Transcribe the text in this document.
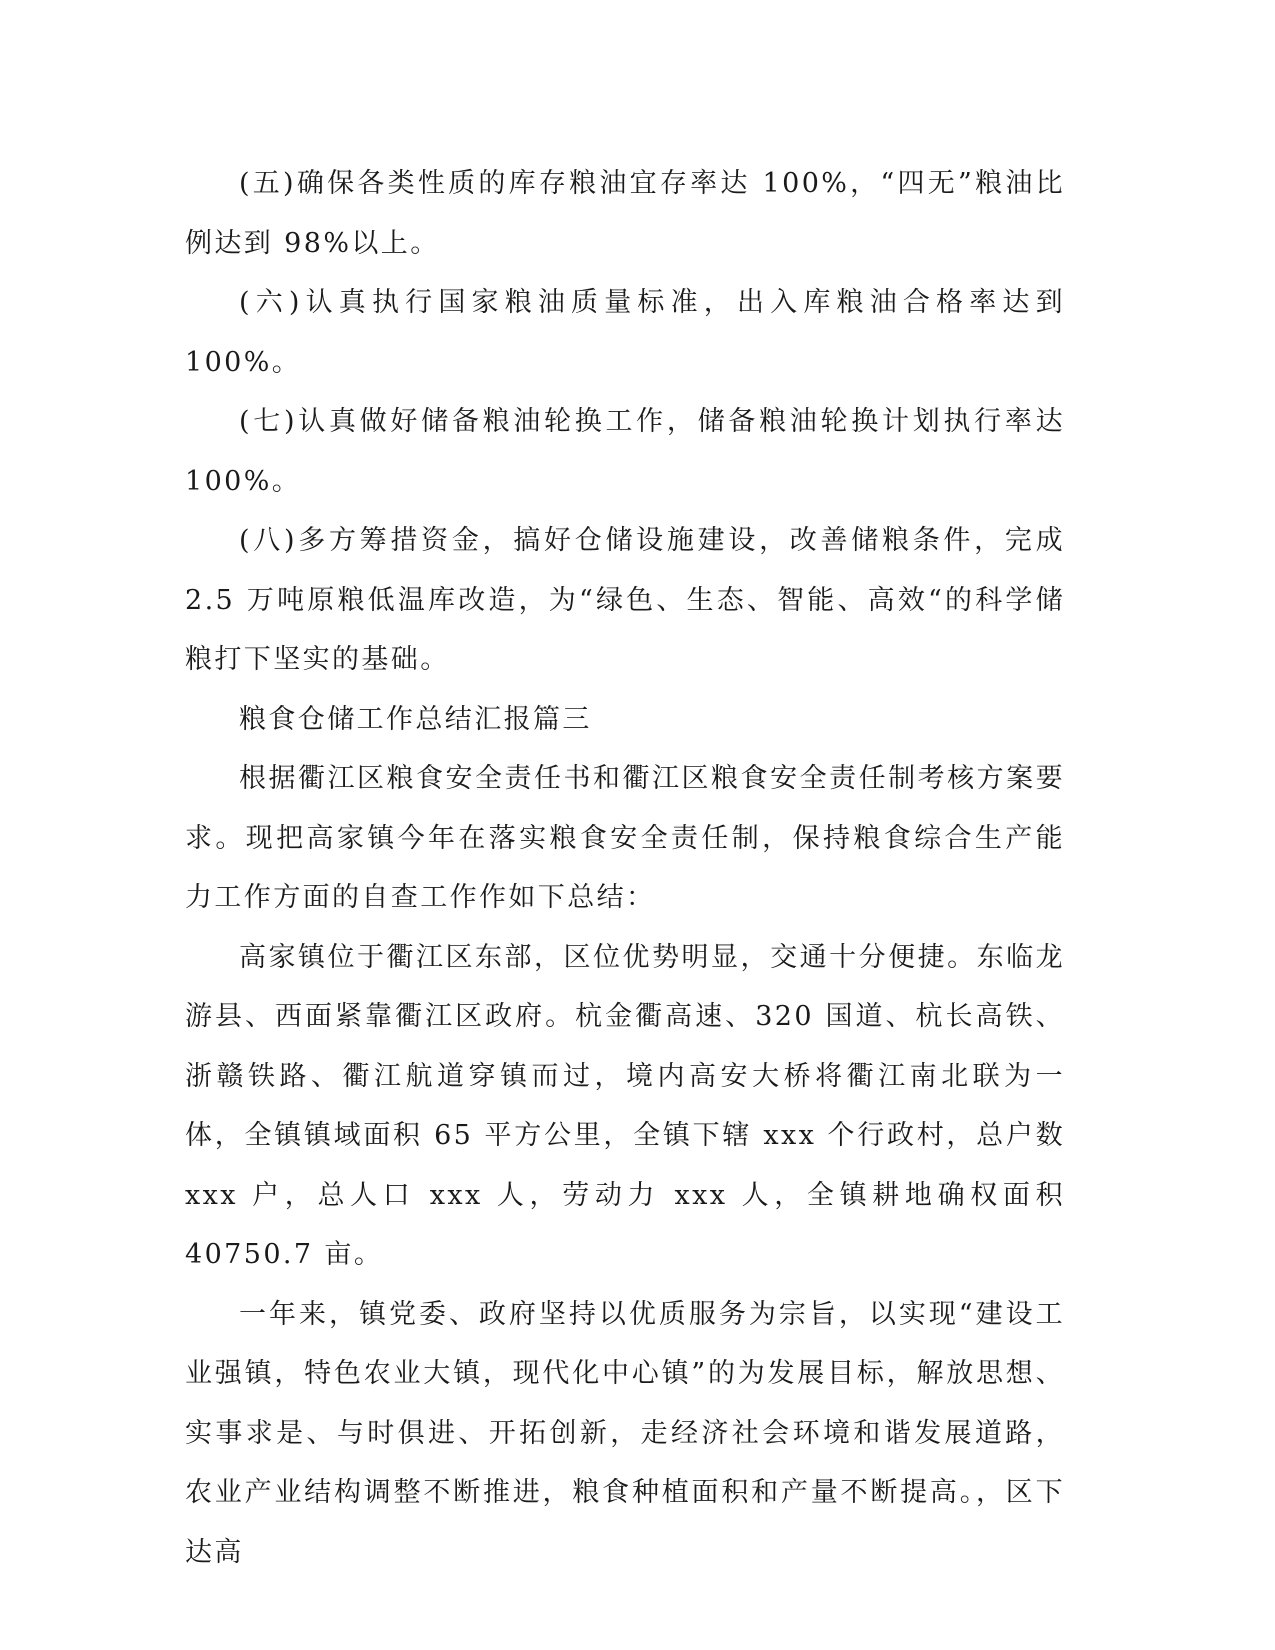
(五)确保各类性质的库存粮油宜存率达 100%，“四无”粮油比例达到 98%以上。

(六)认真执行国家粮油质量标准，出入库粮油合格率达到 100%。

(七)认真做好储备粮油轮换工作，储备粮油轮换计划执行率达 100%。

(八)多方筹措资金，搞好仓储设施建设，改善储粮条件，完成 2.5 万吨原粮低温库改造，为“绿色、生态、智能、高效“的科学储粮打下坚实的基础。

粮食仓储工作总结汇报篇三

根据衢江区粮食安全责任书和衢江区粮食安全责任制考核方案要求。现把高家镇今年在落实粮食安全责任制，保持粮食综合生产能力工作方面的自查工作作如下总结：

高家镇位于衢江区东部，区位优势明显，交通十分便捷。东临龙游县、西面紧靠衢江区政府。杭金衢高速、320 国道、杭长高铁、浙赣铁路、衢江航道穿镇而过，境内高安大桥将衢江南北联为一体，全镇镇域面积 65 平方公里，全镇下辖 xxx 个行政村，总户数 xxx 户，总人口 xxx 人，劳动力 xxx 人，全镇耕地确权面积 40750.7 亩。

一年来，镇党委、政府坚持以优质服务为宗旨，以实现“建设工业强镇，特色农业大镇，现代化中心镇”的为发展目标，解放思想、实事求是、与时俱进、开拓创新，走经济社会环境和谐发展道路，农业产业结构调整不断推进，粮食种植面积和产量不断提高。，区下达高
